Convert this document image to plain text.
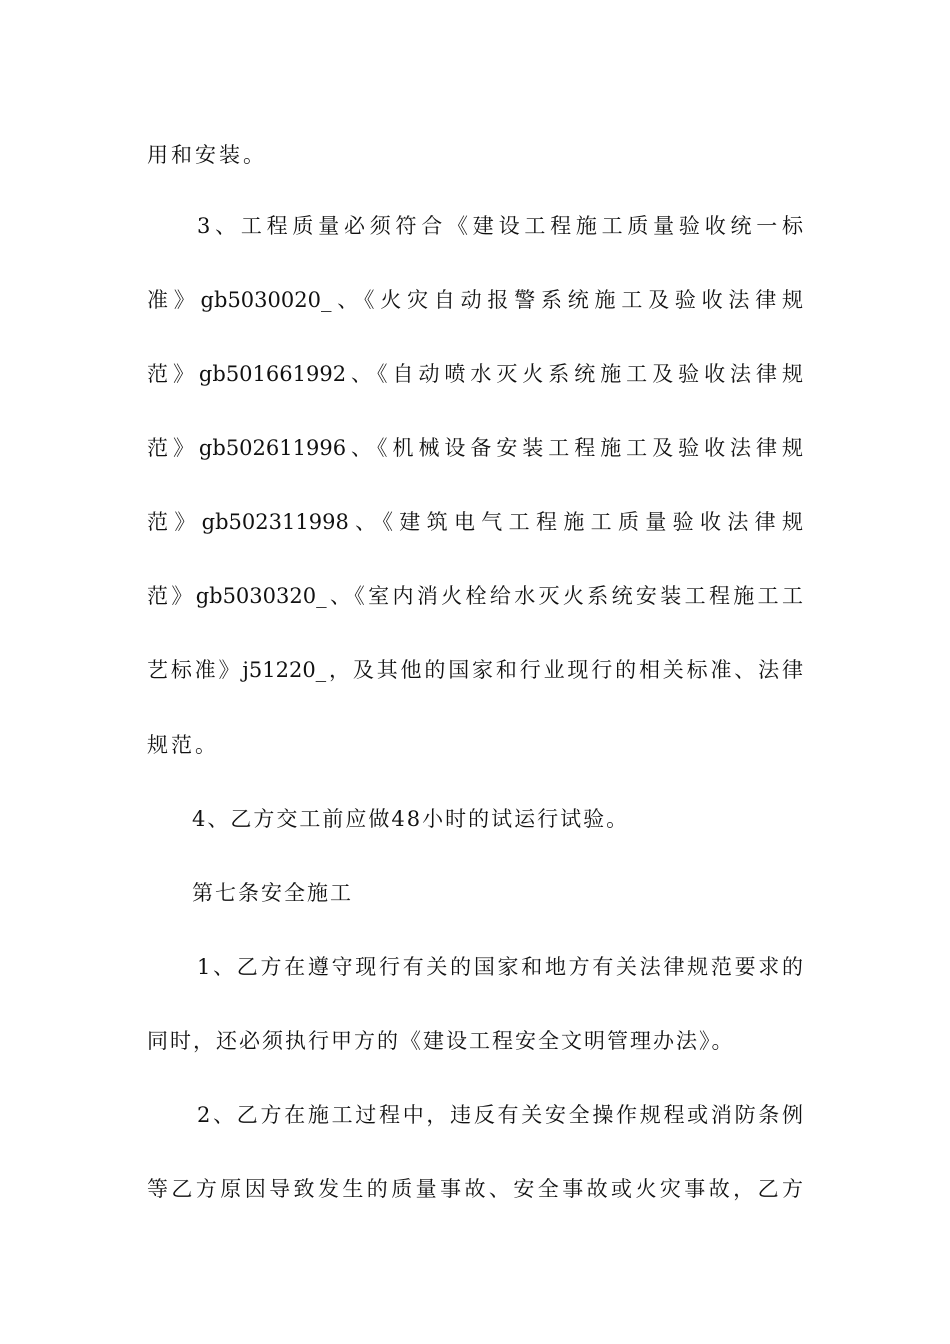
用和安装。
3、工程质量必须符合《建设工程施工质量验收统一标
准》gb5030020_、《火灾自动报警系统施工及验收法律规
范》gb501661992、《自动喷水灭火系统施工及验收法律规
范》gb502611996、《机械设备安装工程施工及验收法律规
范》gb502311998、《建筑电气工程施工质量验收法律规
范》gb5030320_、《室内消火栓给水灭火系统安装工程施工工
艺标准》j51220_，及其他的国家和行业现行的相关标准、法律
规范。
4、乙方交工前应做48小时的试运行试验。
第七条安全施工
1、乙方在遵守现行有关的国家和地方有关法律规范要求的
同时，还必须执行甲方的《建设工程安全文明管理办法》。
2、乙方在施工过程中，违反有关安全操作规程或消防条例
等乙方原因导致发生的质量事故、安全事故或火灾事故，乙方
